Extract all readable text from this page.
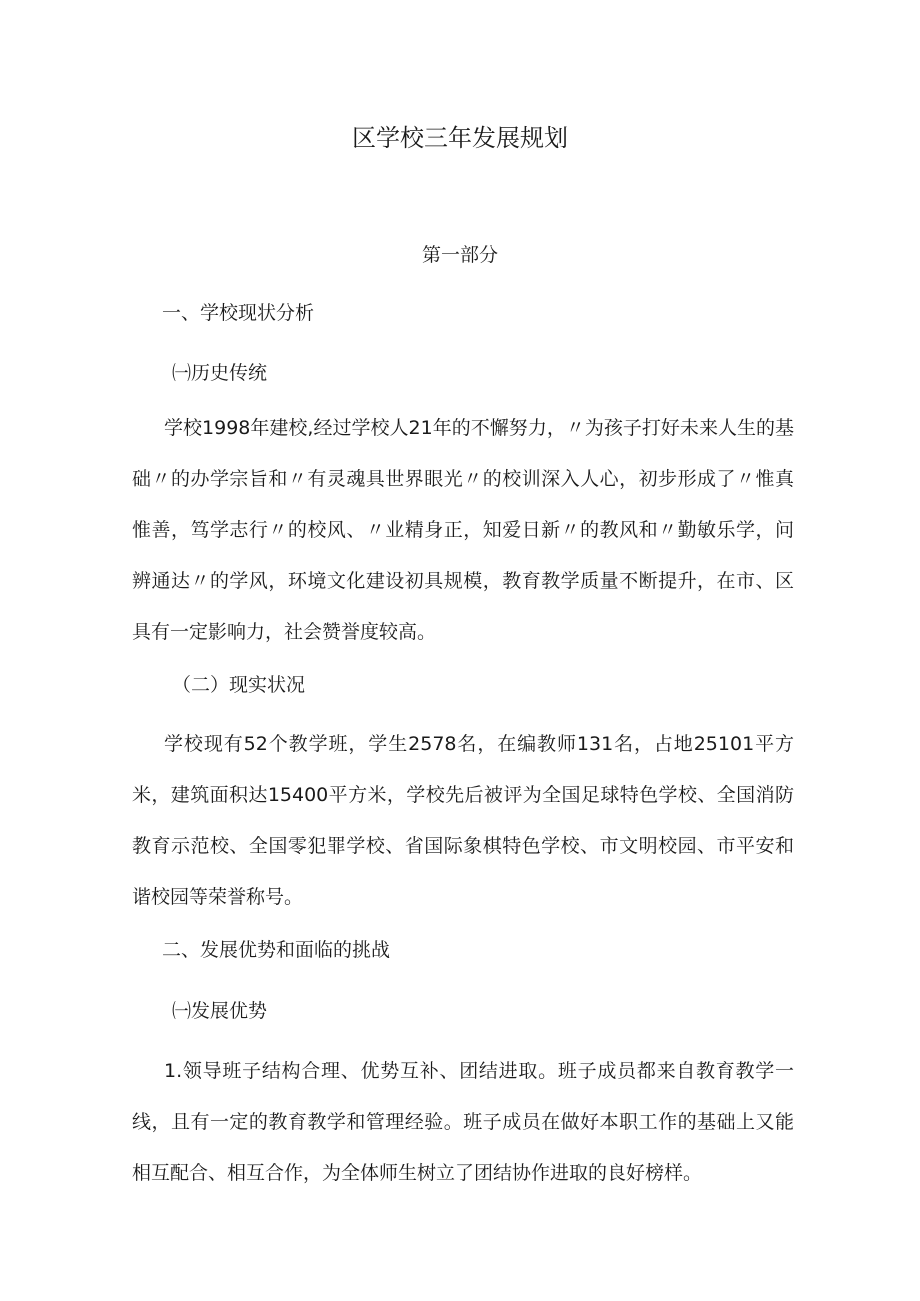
区学校三年发展规划
第一部分
一、学校现状分析
㈠历史传统

学校1998年建校,经过学校人21年的不懈努力，〃为孩子打好未来人生的基础〃的办学宗旨和〃有灵魂具世界眼光〃的校训深入人心，初步形成了〃惟真惟善，笃学志行〃的校风、〃业精身正，知爱日新〃的教风和〃勤敏乐学，问辨通达〃的学风，环境文化建设初具规模，教育教学质量不断提升，在市、区具有一定影响力，社会赞誉度较高。

（二）现实状况

学校现有52个教学班，学生2578名，在编教师131名，占地25101平方米，建筑面积达15400平方米，学校先后被评为全国足球特色学校、全国消防教育示范校、全国零犯罪学校、省国际象棋特色学校、市文明校园、市平安和谐校园等荣誉称号。

二、发展优势和面临的挑战
㈠发展优势

1.领导班子结构合理、优势互补、团结进取。班子成员都来自教育教学一线，且有一定的教育教学和管理经验。班子成员在做好本职工作的基础上又能相互配合、相互合作，为全体师生树立了团结协作进取的良好榜样。
